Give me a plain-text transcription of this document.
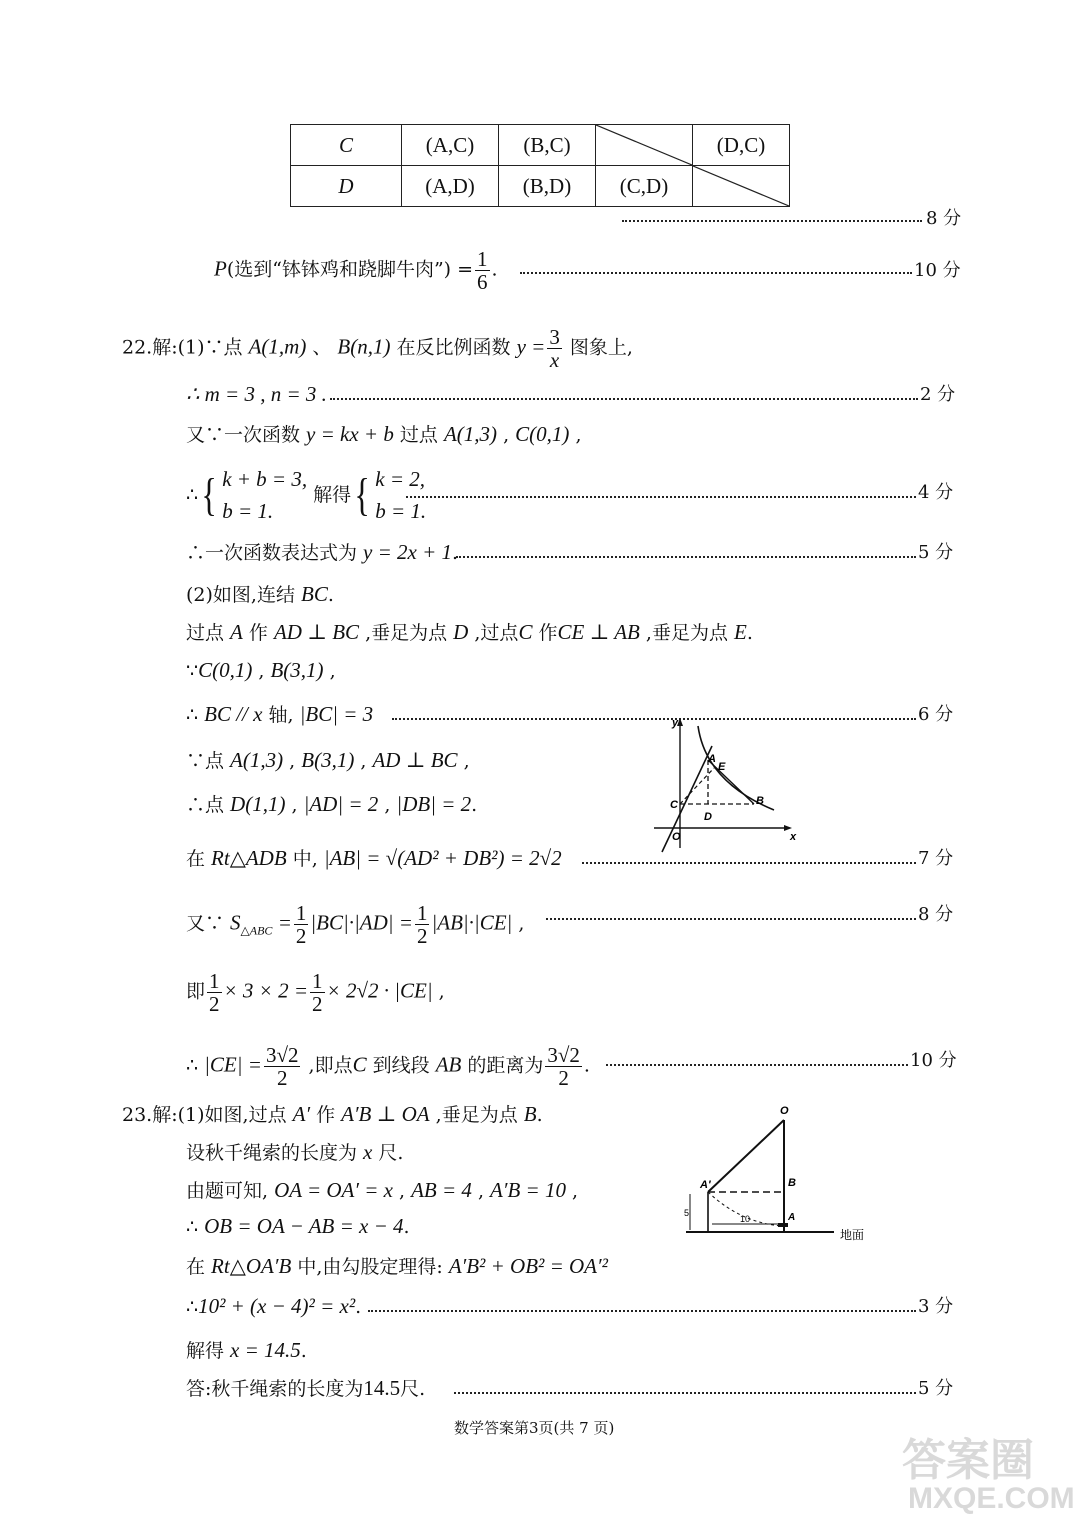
C	(A,C)	(B,C)		(D,C)
D	(A,D)	(B,D)	(C,D)	
8 分
P(选到“钵钵鸡和跷脚牛肉”) = $\frac{1}{6}$ .	10 分
22.解:(1)∵点 A(1,m) 、 B(n,1) 在反比例函数 $y = \frac{3}{x}$ 图象上,
∴ m = 3 , n = 3 .	2 分
又∵一次函数 y = kx + b 过点 A(1,3) , C(0,1) ,
∴{ k + b = 3,
b = 1.
解得{ k = 2,
b = 1.
4 分
∴一次函数表达式为 y = 2x + 1.	5 分
(2)如图,连结 BC.
过点 A 作 AD ⊥ BC ,垂足为点 D ,过点C 作CE ⊥ AB ,垂足为点 E.
∵C(0,1) , B(3,1) ,
∴ BC // x 轴, |BC| = 3	6 分
∵点 A(1,3) , B(3,1) , AD ⊥ BC ,
∴点 D(1,1) , |AD| = 2 , |DB| = 2.
y
x
O
C
D
A
E
B
在 Rt△ADB 中, |AB| = √(AD² + DB²) = 2√2	7 分
又∵ $S_{\triangle ABC} = \frac{1}{2} |BC|\cdot|AD| = \frac{1}{2} |AB|\cdot|CE|$ ,	8 分
即 $\frac{1}{2} \times 3 \times 2 = \frac{1}{2} \times 2√2 \cdot |CE|$ ,
∴ $|CE| = \frac{3√2}{2}$ ,即点C 到线段 AB 的距离为 $\frac{3√2}{2}$ .	10 分
23.解:(1)如图,过点 A′ 作 A′B ⊥ OA ,垂足为点 B.
设秋千绳索的长度为 x 尺.
由题可知, OA = OA′ = x , AB = 4 , A′B = 10 ,
∴ OB = OA − AB = x − 4.
O
A′	B
A
5
10
地面
在 Rt△OA′B 中,由勾股定理得: A′B² + OB² = OA′²
∴10² + (x − 4)² = x².	3 分
解得 x = 14.5.
答:秋千绳索的长度为14.5尺.	5 分
数学答案第3页(共 7 页)
答案圈
MXQE.COM
